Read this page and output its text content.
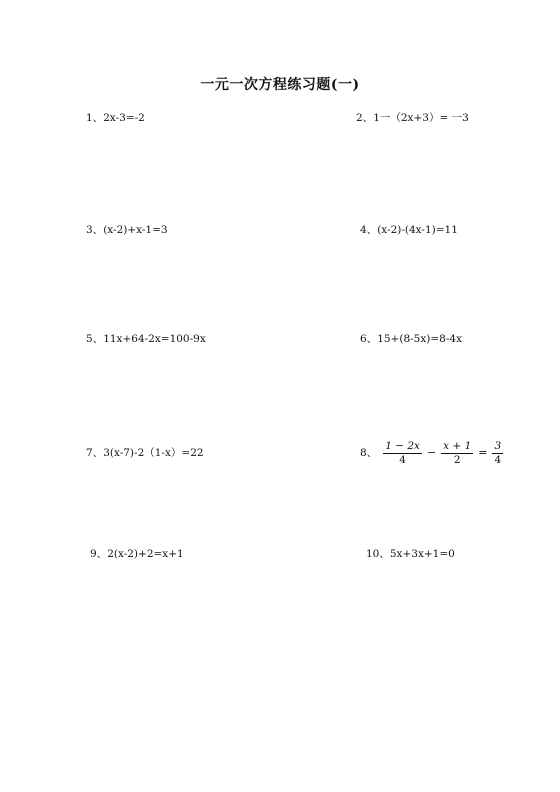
一元一次方程练习题(一)
1、2x-3=-2	2、1一（2x+3）= 一3
3、(x-2)+x-1=3	4、(x-2)-(4x-1)=11
5、11x+64-2x=100-9x	6、15+(8-5x)=8-4x
7、3(x-7)-2（1-x）=22	8、 $\frac{1 - 2x}{4} - \frac{x + 1}{2} = \frac{3}{4}$
9、2(x-2)+2=x+1	10、5x+3x+1=0
